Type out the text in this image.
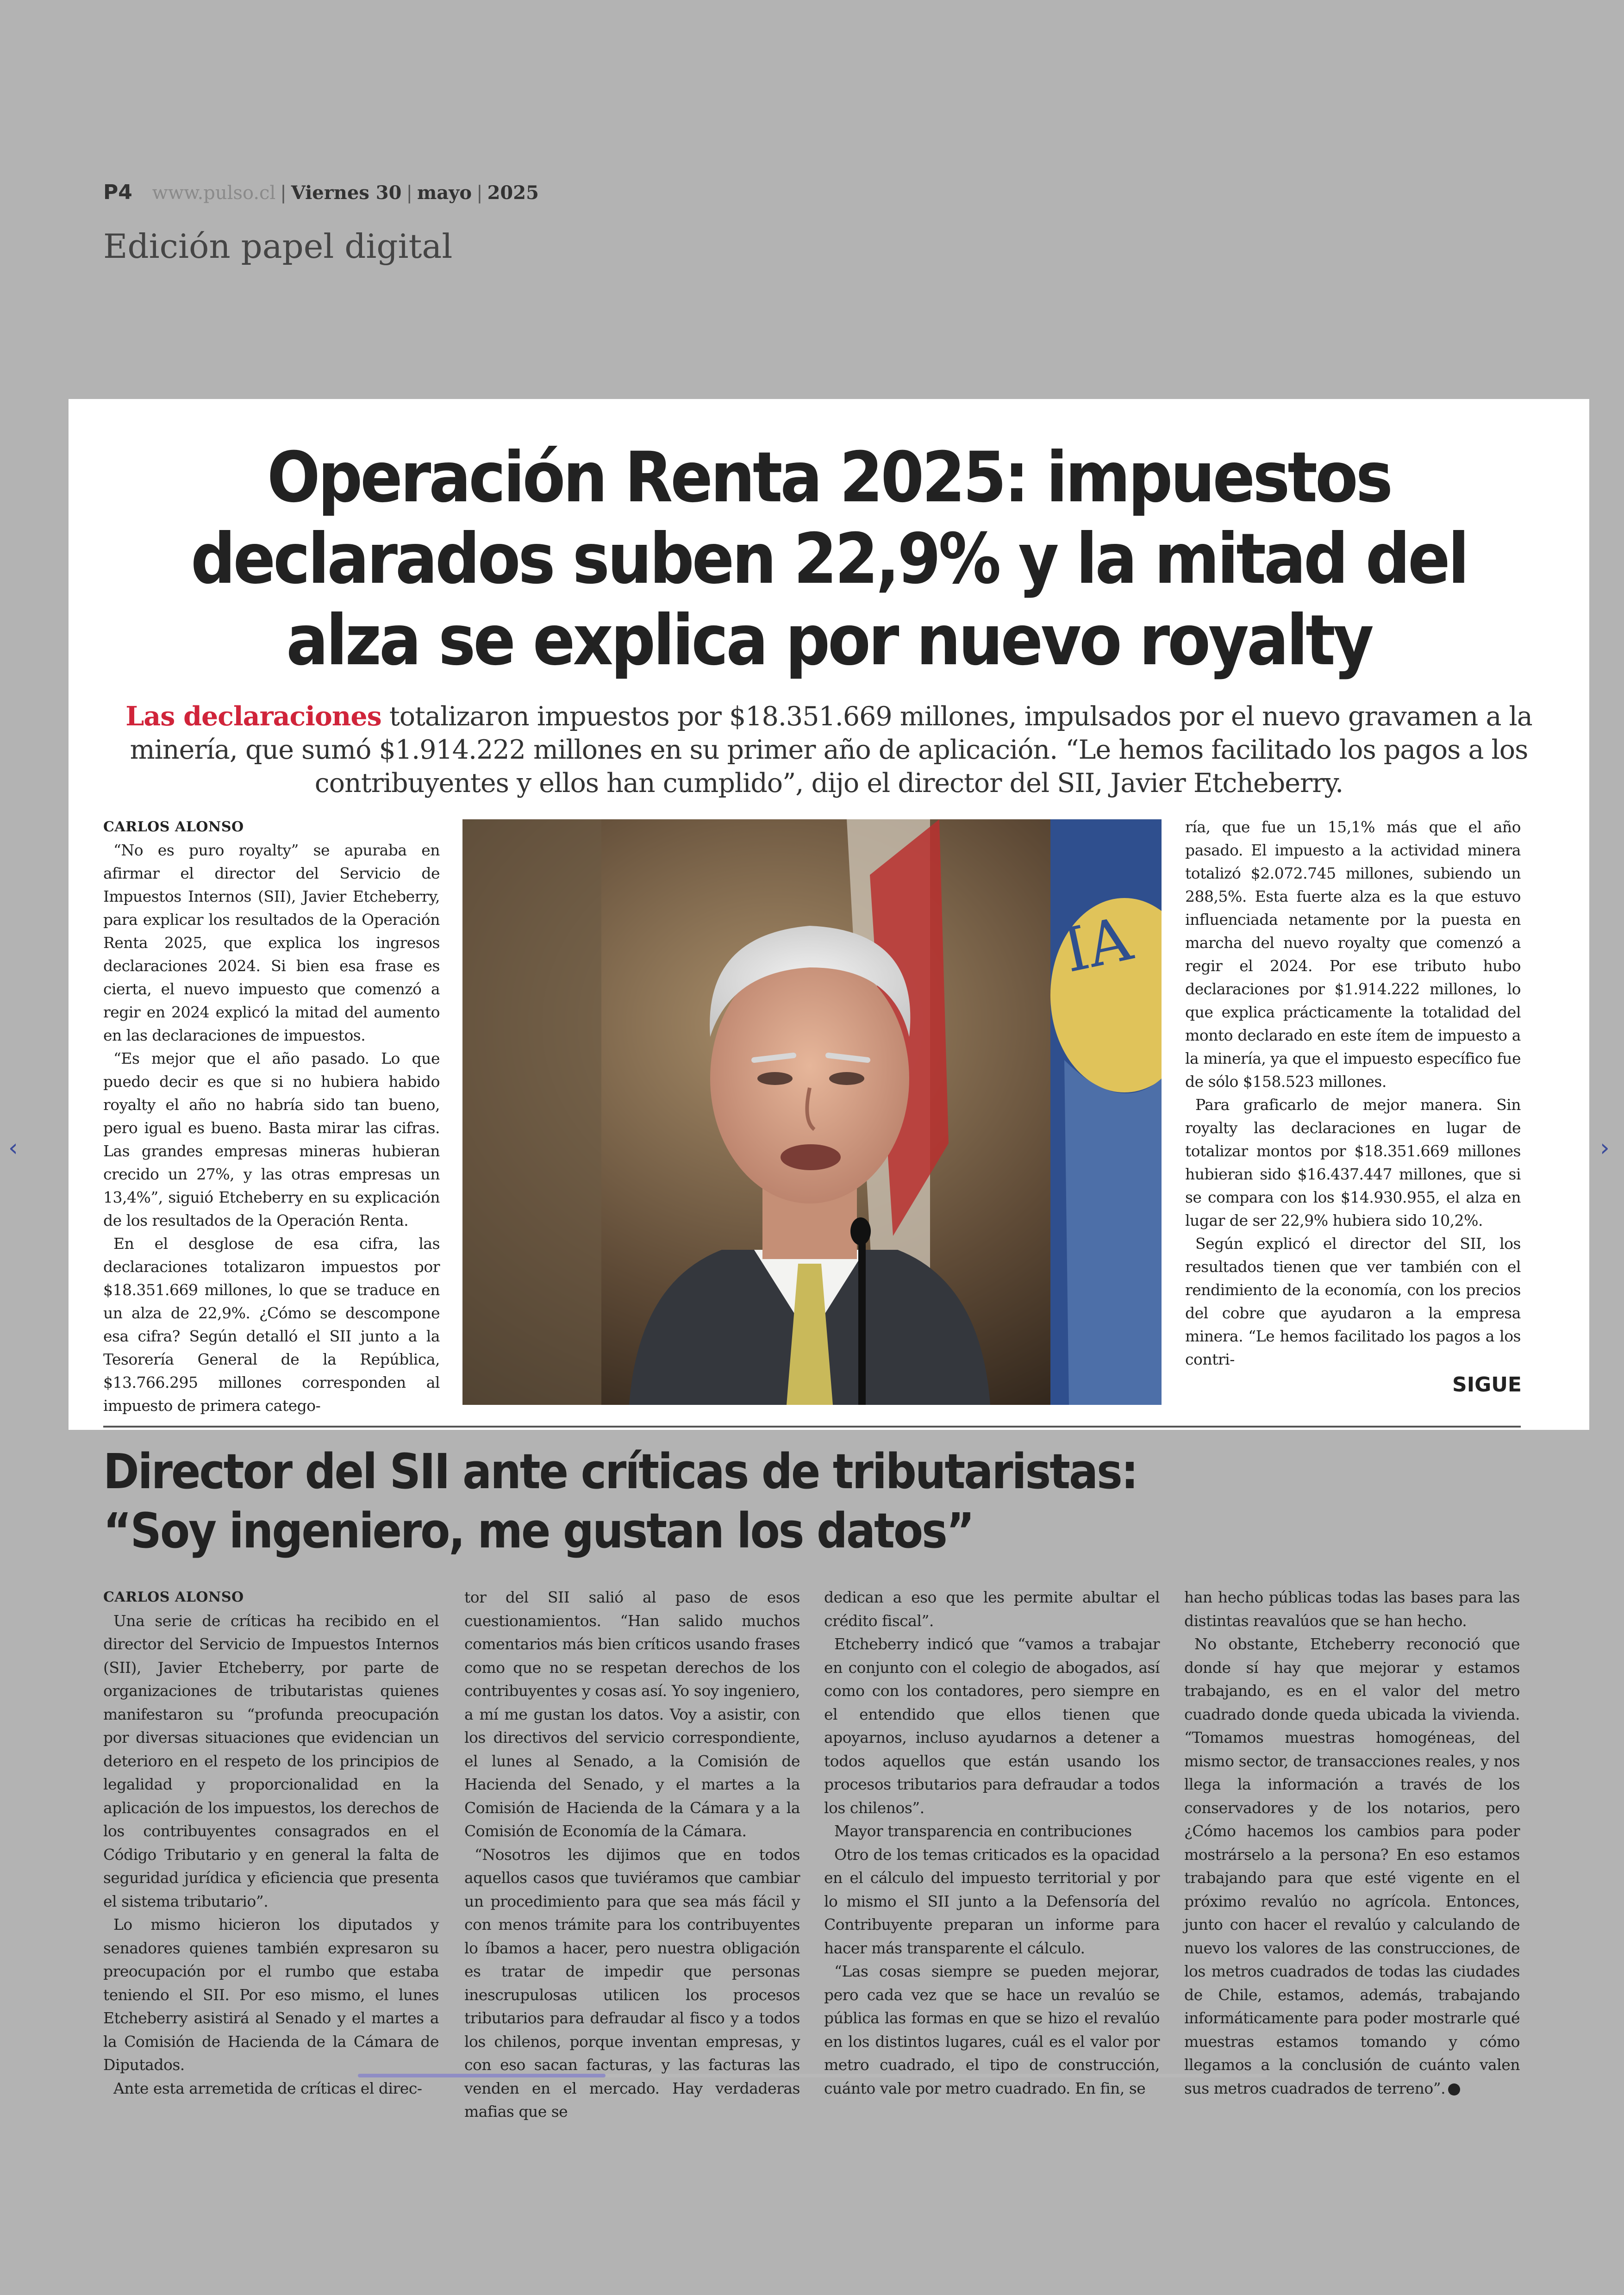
P4 www.pulso.cl | Viernes 30 | mayo | 2025
Edición papel digital
Operación Renta 2025: impuestos
declarados suben 22,9% y la mitad del
alza se explica por nuevo royalty
Las declaraciones totalizaron impuestos por $18.351.669 millones, impulsados por el nuevo gravamen a la minería, que sumó $1.914.222 millones en su primer año de aplicación. “Le hemos facilitado los pagos a los contribuyentes y ellos han cumplido”, dijo el director del SII, Javier Etcheberry.

CARLOS ALONSO

“No es puro royalty” se apuraba en afirmar el director del Servicio de Impuestos Internos (SII), Javier Etcheberry, para explicar los resultados de la Operación Renta 2025, que explica los ingresos declaraciones 2024. Si bien esa frase es cierta, el nuevo impuesto que comenzó a regir en 2024 explicó la mitad del aumento en las declaraciones de impuestos.

“Es mejor que el año pasado. Lo que puedo decir es que si no hubiera habido royalty el año no habría sido tan bueno, pero igual es bueno. Basta mirar las cifras. Las grandes empresas mineras hubieran crecido un 27%, y las otras empresas un 13,4%”, siguió Etcheberry en su explicación de los resultados de la Operación Renta.

En el desglose de esa cifra, las declaraciones totalizaron impuestos por $18.351.669 millones, lo que se traduce en un alza de 22,9%. ¿Cómo se descompone esa cifra? Según detalló el SII junto a la Tesorería General de la República, $13.766.295 millones corresponden al impuesto de primera catego-

IA

ría, que fue un 15,1% más que el año pasado. El impuesto a la actividad minera totalizó $2.072.745 millones, subiendo un 288,5%. Esta fuerte alza es la que estuvo influenciada netamente por la puesta en marcha del nuevo royalty que comenzó a regir el 2024. Por ese tributo hubo declaraciones por $1.914.222 millones, lo que explica prácticamente la totalidad del monto declarado en este ítem de impuesto a la minería, ya que el impuesto específico fue de sólo $158.523 millones.

Para graficarlo de mejor manera. Sin royalty las declaraciones en lugar de totalizar montos por $18.351.669 millones hubieran sido $16.437.447 millones, que si se compara con los $14.930.955, el alza en lugar de ser 22,9% hubiera sido 10,2%.

Según explicó el director del SII, los resultados tienen que ver también con el rendimiento de la economía, con los precios del cobre que ayudaron a la empresa minera. “Le hemos facilitado los pagos a los contri-

SIGUE
Director del SII ante críticas de tributaristas:
“Soy ingeniero, me gustan los datos”

CARLOS ALONSO

Una serie de críticas ha recibido en el director del Servicio de Impuestos Internos (SII), Javier Etcheberry, por parte de organizaciones de tributaristas quienes manifestaron su “profunda preocupación por diversas situaciones que evidencian un deterioro en el respeto de los principios de legalidad y proporcionalidad en la aplicación de los impuestos, los derechos de los contribuyentes consagrados en el Código Tributario y en general la falta de seguridad jurídica y eficiencia que presenta el sistema tributario”.

Lo mismo hicieron los diputados y senadores quienes también expresaron su preocupación por el rumbo que estaba teniendo el SII. Por eso mismo, el lunes Etcheberry asistirá al Senado y el martes a la Comisión de Hacienda de la Cámara de Diputados.

Ante esta arremetida de críticas el direc-

tor del SII salió al paso de esos cuestionamientos. “Han salido muchos comentarios más bien críticos usando frases como que no se respetan derechos de los contribuyentes y cosas así. Yo soy ingeniero, a mí me gustan los datos. Voy a asistir, con los directivos del servicio correspondiente, el lunes al Senado, a la Comisión de Hacienda del Senado, y el martes a la Comisión de Hacienda de la Cámara y a la Comisión de Economía de la Cámara.

“Nosotros les dijimos que en todos aquellos casos que tuviéramos que cambiar un procedimiento para que sea más fácil y con menos trámite para los contribuyentes lo íbamos a hacer, pero nuestra obligación es tratar de impedir que personas inescrupulosas utilicen los procesos tributarios para defraudar al fisco y a todos los chilenos, porque inventan empresas, y con eso sacan facturas, y las facturas las venden en el mercado. Hay verdaderas mafias que se

dedican a eso que les permite abultar el crédito fiscal”.

Etcheberry indicó que “vamos a trabajar en conjunto con el colegio de abogados, así como con los contadores, pero siempre en el entendido que ellos tienen que apoyarnos, incluso ayudarnos a detener a todos aquellos que están usando los procesos tributarios para defraudar a todos los chilenos”.

Mayor transparencia en contribuciones

Otro de los temas criticados es la opacidad en el cálculo del impuesto territorial y por lo mismo el SII junto a la Defensoría del Contribuyente preparan un informe para hacer más transparente el cálculo.

“Las cosas siempre se pueden mejorar, pero cada vez que se hace un revalúo se pública las formas en que se hizo el revalúo en los distintos lugares, cuál es el valor por metro cuadrado, el tipo de construcción, cuánto vale por metro cuadrado. En fin, se

han hecho públicas todas las bases para las distintas reavalúos que se han hecho.

No obstante, Etcheberry reconoció que donde sí hay que mejorar y estamos trabajando, es en el valor del metro cuadrado donde queda ubicada la vivienda. “Tomamos muestras homogéneas, del mismo sector, de transacciones reales, y nos llega la información a través de los conservadores y de los notarios, pero ¿Cómo hacemos los cambios para poder mostrárselo a la persona? En eso estamos trabajando para que esté vigente en el próximo revalúo no agrícola. Entonces, junto con hacer el revalúo y calculando de nuevo los valores de las construcciones, de los metros cuadrados de todas las ciudades de Chile, estamos, además, trabajando informáticamente para poder mostrarle qué muestras estamos tomando y cómo llegamos a la conclusión de cuánto valen sus metros cuadrados de terreno”.

‹	›
